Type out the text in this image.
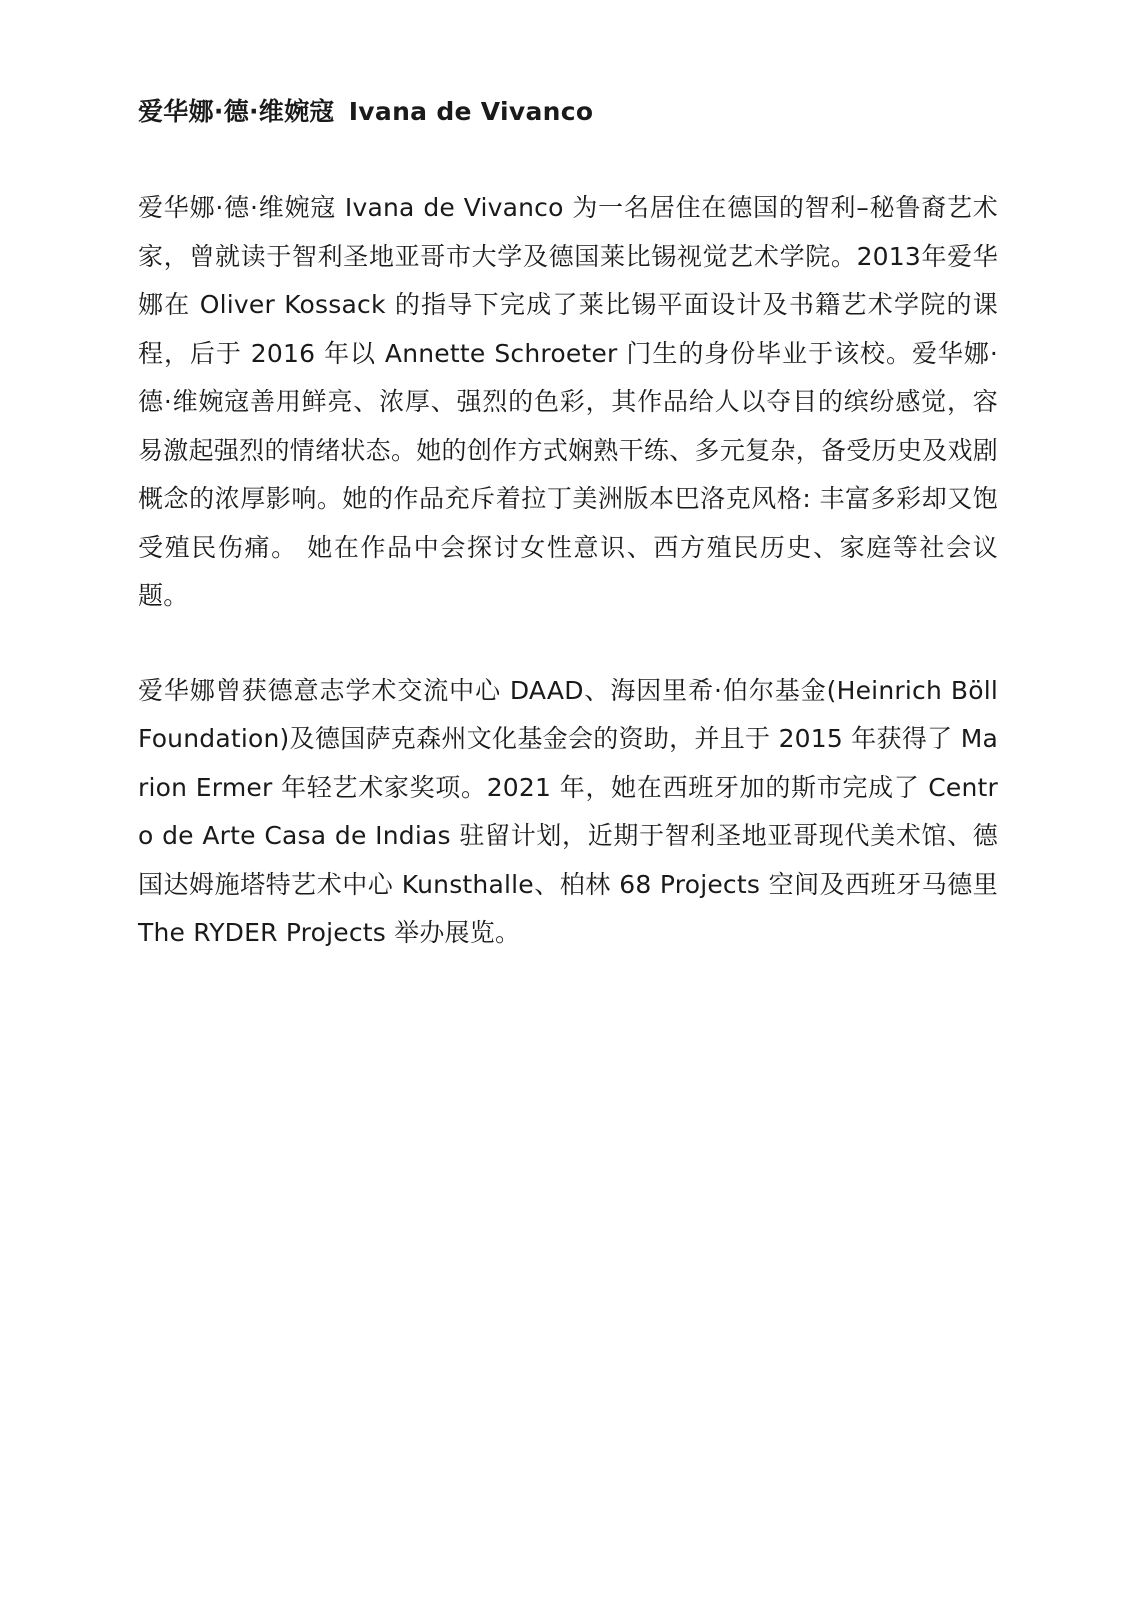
爱华娜·德·维婉寇 Ivana de Vivanco

爱华娜·德·维婉寇 Ivana de Vivanco 为一名居住在德国的智利–秘鲁裔艺术家，曾就读于智利圣地亚哥市大学及德国莱比锡视觉艺术学院。2013年爱华娜在 Oliver Kossack 的指导下完成了莱比锡平面设计及书籍艺术学院的课程，后于 2016 年以 Annette Schroeter 门生的身份毕业于该校。爱华娜·德·维婉寇善用鲜亮、浓厚、强烈的色彩，其作品给人以夺目的缤纷感觉，容易激起强烈的情绪状态。她的创作方式娴熟干练、多元复杂，备受历史及戏剧概念的浓厚影响。她的作品充斥着拉丁美洲版本巴洛克风格: 丰富多彩却又饱受殖民伤痛。 她在作品中会探讨女性意识、西方殖民历史、家庭等社会议题。

爱华娜曾获德意志学术交流中心 DAAD、海因里希·伯尔基金(Heinrich Böll Foundation)及德国萨克森州文化基金会的资助，并且于 2015 年获得了 Marion Ermer 年轻艺术家奖项。2021 年，她在西班牙加的斯市完成了 Centro de Arte Casa de Indias 驻留计划，近期于智利圣地亚哥现代美术馆、德国达姆施塔特艺术中心 Kunsthalle、柏林 68 Projects 空间及西班牙马德里 The RYDER Projects 举办展览。
